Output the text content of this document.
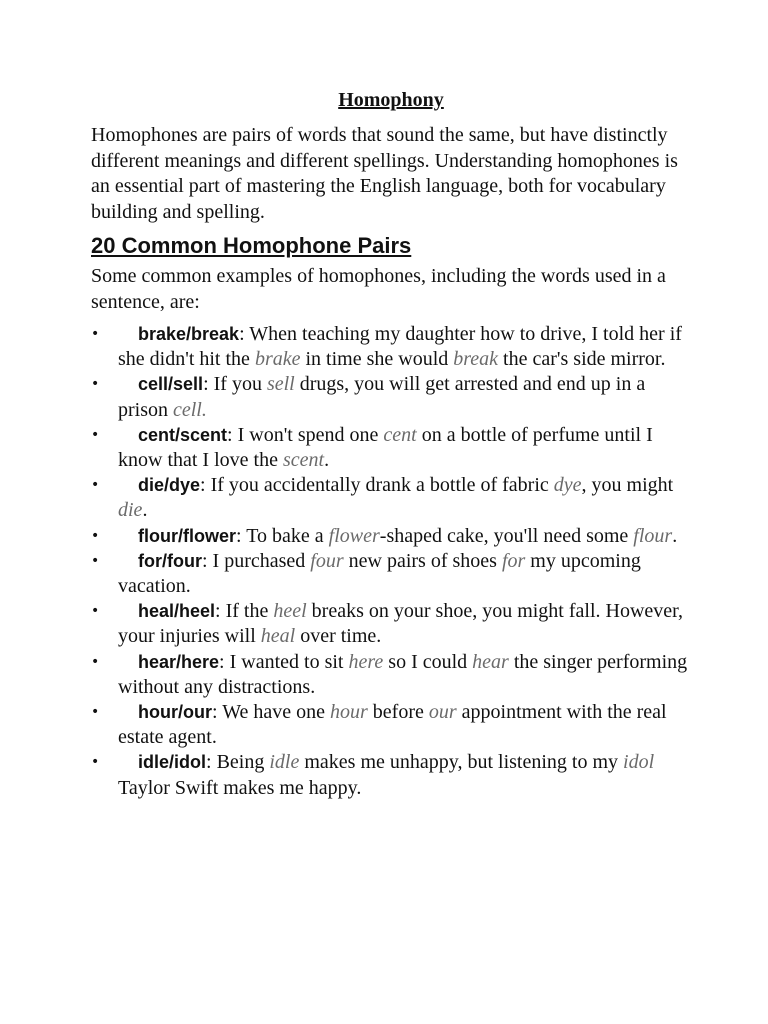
Homophony

Homophones are pairs of words that sound the same, but have distinctly different meanings and different spellings. Understanding homophones is an essential part of mastering the English language, both for vocabulary building and spelling.

20 Common Homophone Pairs

Some common examples of homophones, including the words used in a sentence, are:

• brake/break: When teaching my daughter how to drive, I told her if she didn't hit the brake in time she would break the car's side mirror.
• cell/sell: If you sell drugs, you will get arrested and end up in a prison cell.
• cent/scent: I won't spend one cent on a bottle of perfume until I know that I love the scent.
• die/dye: If you accidentally drank a bottle of fabric dye, you might die.
• flour/flower: To bake a flower-shaped cake, you'll need some flour.
• for/four: I purchased four new pairs of shoes for my upcoming vacation.
• heal/heel: If the heel breaks on your shoe, you might fall. However, your injuries will heal over time.
• hear/here: I wanted to sit here so I could hear the singer performing without any distractions.
• hour/our: We have one hour before our appointment with the real estate agent.
• idle/idol: Being idle makes me unhappy, but listening to my idol Taylor Swift makes me happy.
